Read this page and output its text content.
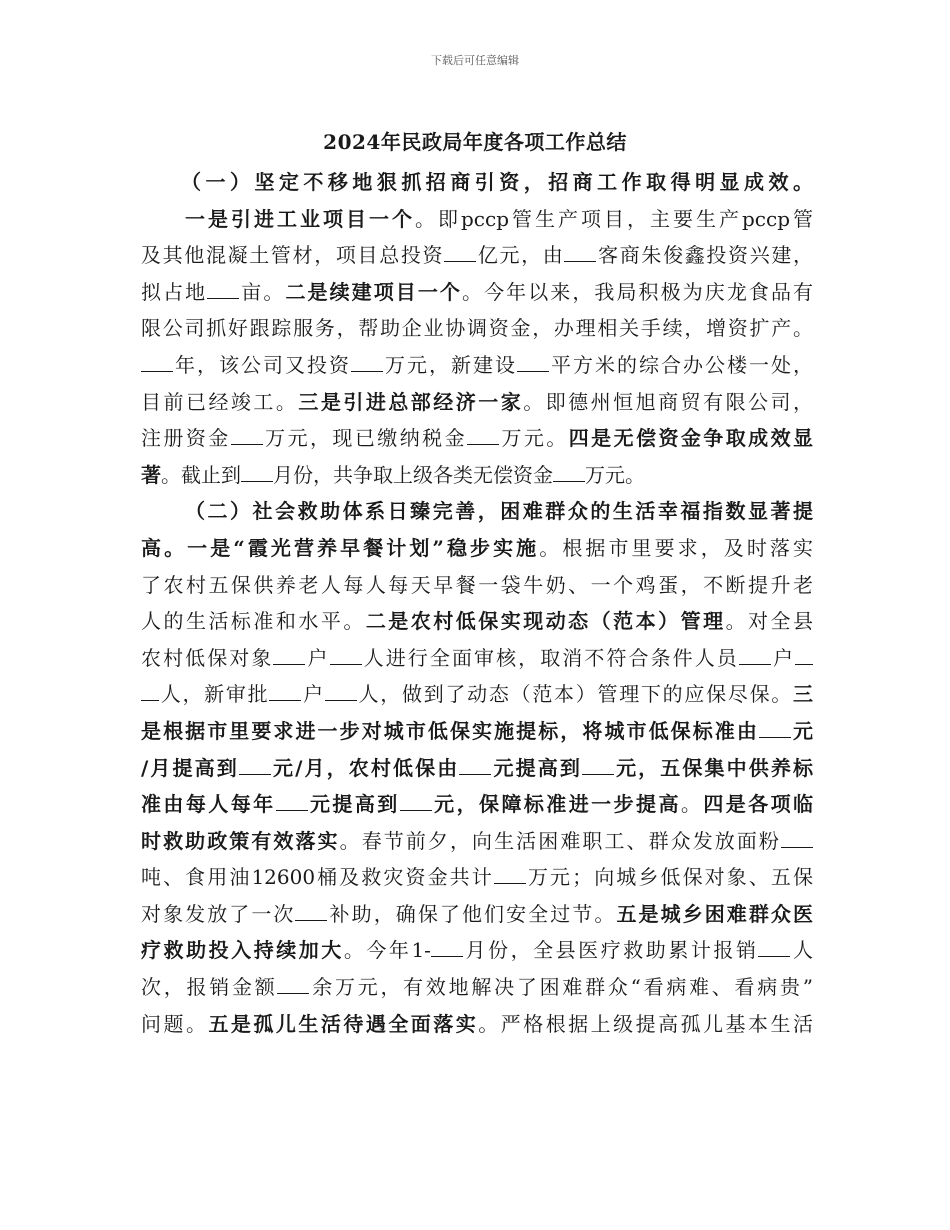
下载后可任意编辑
2024年民政局年度各项工作总结
（一）坚定不移地狠抓招商引资，招商工作取得明显成效。
一是引进工业项目一个。即pccp管生产项目，主要生产pccp管
及其他混凝土管材，项目总投资 亿元，由 客商朱俊鑫投资兴建，
拟占地 亩。二是续建项目一个。今年以来，我局积极为庆龙食品有
限公司抓好跟踪服务，帮助企业协调资金，办理相关手续，增资扩产。
年，该公司又投资 万元，新建设 平方米的综合办公楼一处，
目前已经竣工。三是引进总部经济一家。即德州恒旭商贸有限公司，
注册资金 万元，现已缴纳税金 万元。四是无偿资金争取成效显
著。截止到 月份，共争取上级各类无偿资金 万元。
（二）社会救助体系日臻完善，困难群众的生活幸福指数显著提
高。一是“霞光营养早餐计划”稳步实施。根据市里要求，及时落实
了农村五保供养老人每人每天早餐一袋牛奶、一个鸡蛋，不断提升老
人的生活标准和水平。二是农村低保实现动态（范本）管理。对全县
农村低保对象 户 人进行全面审核，取消不符合条件人员 户
人，新审批 户 人，做到了动态（范本）管理下的应保尽保。三
是根据市里要求进一步对城市低保实施提标，将城市低保标准由 元
/月提高到 元/月，农村低保由 元提高到 元，五保集中供养标
准由每人每年 元提高到 元，保障标准进一步提高。四是各项临
时救助政策有效落实。春节前夕，向生活困难职工、群众发放面粉
吨、食用油12600桶及救灾资金共计 万元；向城乡低保对象、五保
对象发放了一次 补助，确保了他们安全过节。五是城乡困难群众医
疗救助投入持续加大。今年1- 月份，全县医疗救助累计报销 人
次，报销金额 余万元，有效地解决了困难群众“看病难、看病贵”
问题。五是孤儿生活待遇全面落实。严格根据上级提高孤儿基本生活
